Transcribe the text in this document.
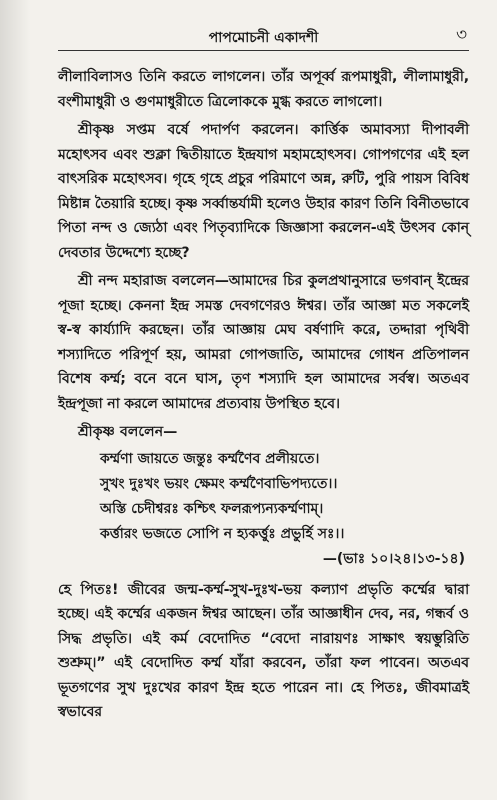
পাপমোচনী একাদশী	৩

লীলাবিলাসও তিনি করতে লাগলেন। তাঁর অপূর্ব্ব রূপমাধুরী, লীলামাধুরী, বংশীমাধুরী ও গুণমাধুরীতে ত্রিলোককে মুগ্ধ করতে লাগলো।

শ্রীকৃষ্ণ সপ্তম বর্ষে পদার্পণ করলেন। কার্ত্তিক অমাবস্যা দীপাবলী মহোৎসব এবং শুক্লা দ্বিতীয়াতে ইন্দ্রযাগ মহামহোৎসব। গোপগণের এই হল বাৎসরিক মহোৎসব। গৃহে গৃহে প্রচুর পরিমাণে অন্ন, রুটি, পুরি পায়স বিবিধ মিষ্টান্ন তৈয়ারি হচ্ছে। কৃষ্ণ সর্ব্বান্তর্যামী হলেও উহার কারণ তিনি বিনীতভাবে পিতা নন্দ ও জ্যেঠা এবং পিতৃব্যাদিকে জিজ্ঞাসা করলেন-এই উৎসব কোন্ দেবতার উদ্দেশ্যে হচ্ছে?

শ্রী নন্দ মহারাজ বললেন—আমাদের চির কুলপ্রথানুসারে ভগবান্ ইন্দ্রের পূজা হচ্ছে। কেননা ইন্দ্র সমস্ত দেবগণেরও ঈশ্বর। তাঁর আজ্ঞা মত সকলেই স্ব-স্ব কার্য্যাদি করছেন। তাঁর আজ্ঞায় মেঘ বর্ষণাদি করে, তদ্দারা পৃথিবী শস্যাদিতে পরিপূর্ণ হয়, আমরা গোপজাতি, আমাদের গোধন প্রতিপালন বিশেষ কর্ম্ম; বনে বনে ঘাস, তৃণ শস্যাদি হল আমাদের সর্বস্ব। অতএব ইন্দ্রপূজা না করলে আমাদের প্রত্যবায় উপস্থিত হবে।

শ্রীকৃষ্ণ বললেন—
কর্ম্মণা জায়তে জন্তুঃ কর্ম্মণৈব প্রলীয়তে।
সুখং দুঃখং ভয়ং ক্ষেমং কর্ম্মণৈবাভিপদ্যতে।।
অস্তি চেদীশ্বরঃ কশ্চিৎ ফলরূপ্যন্যকর্ম্মণাম্।
কর্ত্তারং ভজতে সোপি ন হ্যকর্ত্তুঃ প্রভুর্হি সঃ।।
—(ভাঃ ১০।২৪।১৩-১৪)

হে পিতঃ! জীবের জন্ম-কর্ম্ম-সুখ-দুঃখ-ভয় কল্যাণ প্রভৃতি কর্ম্মের দ্বারা হচ্ছে। এই কর্ম্মের একজন ঈশ্বর আছেন। তাঁর আজ্ঞাধীন দেব, নর, গন্ধর্ব ও সিদ্ধ প্রভৃতি। এই কর্ম বেদোদিত “বেদো নারায়ণঃ সাক্ষাৎ স্বয়ম্ভুরিতি শুশ্রুম্।” এই বেদোদিত কর্ম্ম যাঁরা করবেন, তাঁরা ফল পাবেন। অতএব ভূতগণের সুখ দুঃখের কারণ ইন্দ্র হতে পারেন না। হে পিতঃ, জীবমাত্রই স্বভাবের
